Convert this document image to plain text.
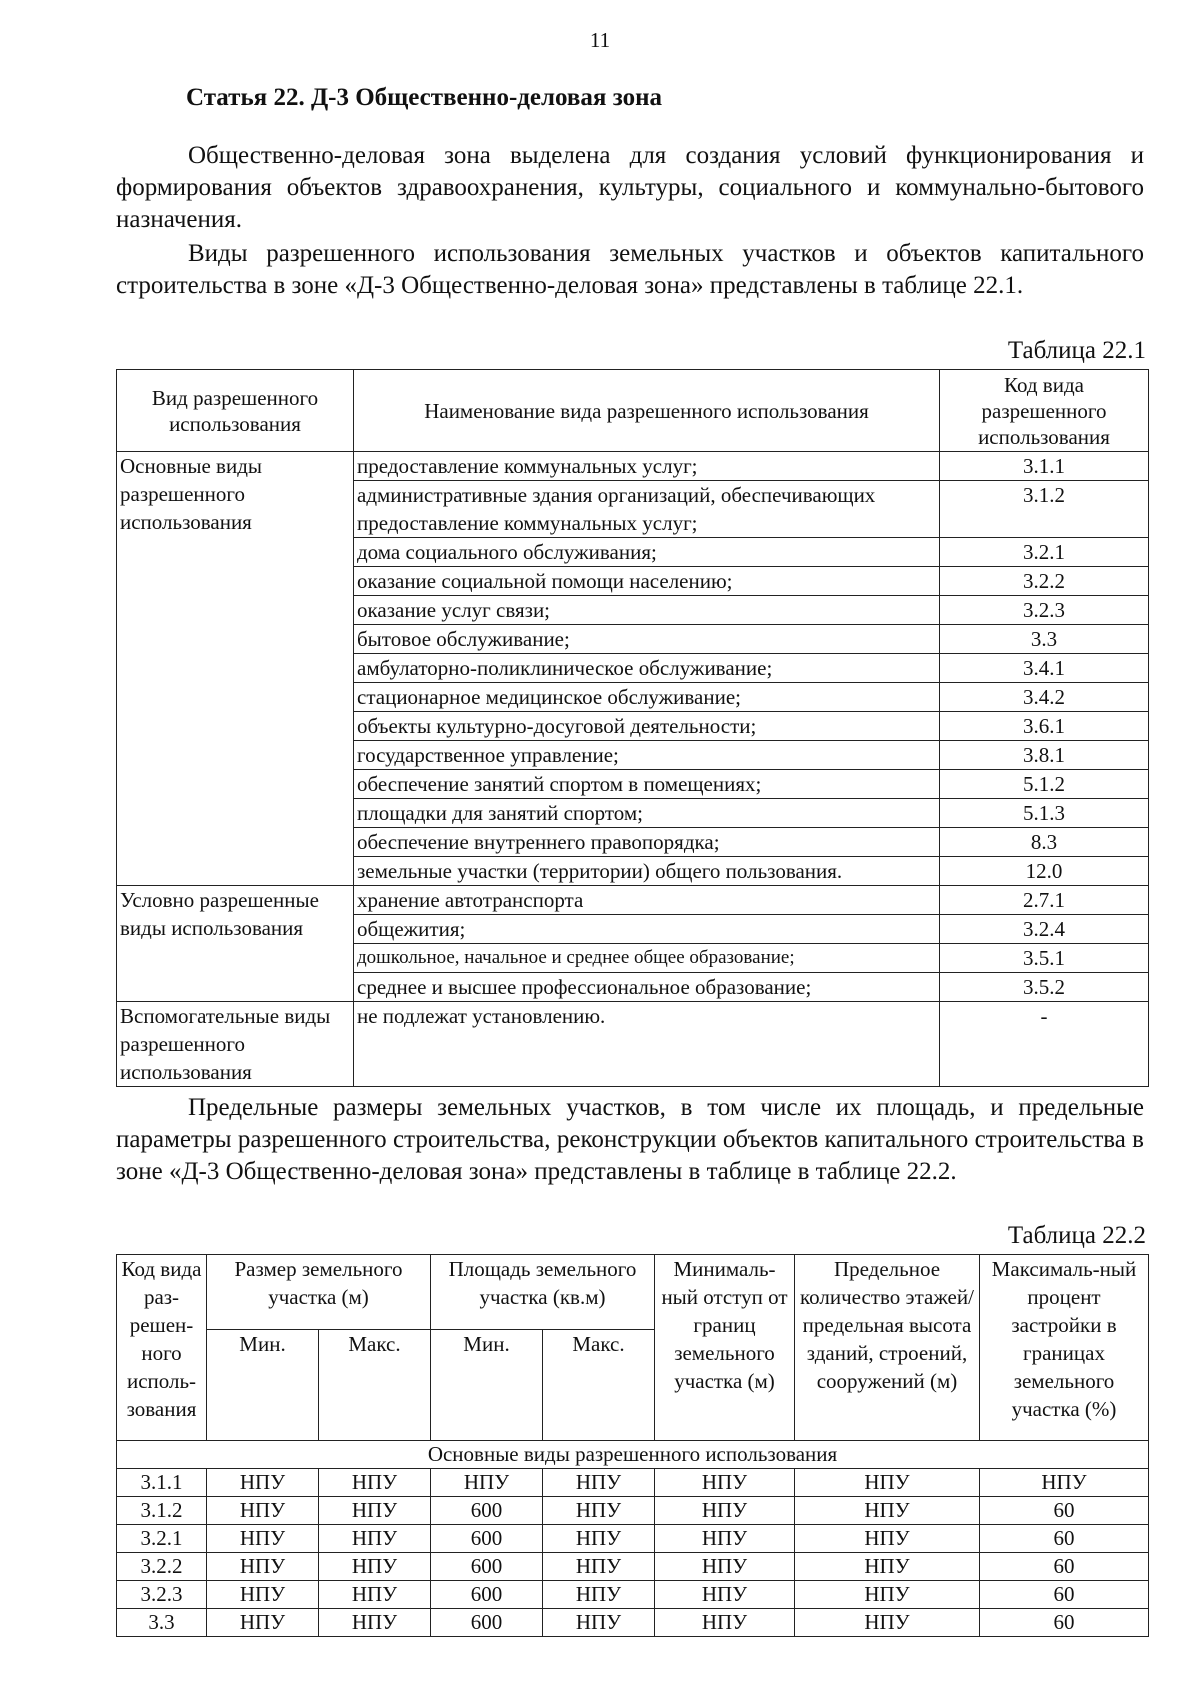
11
Статья 22. Д-3 Общественно-деловая зона

Общественно-деловая зона выделена для создания условий функционирования и формирования объектов здравоохранения, культуры, социального и коммунально-бытового назначения.

Виды разрешенного использования земельных участков и объектов капитального строительства в зоне «Д-3 Общественно-деловая зона» представлены в таблице 22.1.

Таблица 22.1
Вид разрешенного использования	Наименование вида разрешенного использования	Код вида разрешенного использования
Основные виды разрешенного использования	предоставление коммунальных услуг;	3.1.1
	административные здания организаций, обеспечивающих предоставление коммунальных услуг;	3.1.2
	дома социального обслуживания;	3.2.1
	оказание социальной помощи населению;	3.2.2
	оказание услуг связи;	3.2.3
	бытовое обслуживание;	3.3
	амбулаторно-поликлиническое обслуживание;	3.4.1
	стационарное медицинское обслуживание;	3.4.2
	объекты культурно-досуговой деятельности;	3.6.1
	государственное управление;	3.8.1
	обеспечение занятий спортом в помещениях;	5.1.2
	площадки для занятий спортом;	5.1.3
	обеспечение внутреннего правопорядка;	8.3
	земельные участки (территории) общего пользования.	12.0
Условно разрешенные виды использования	хранение автотранспорта	2.7.1
	общежития;	3.2.4
	дошкольное, начальное и среднее общее образование;	3.5.1
	среднее и высшее профессиональное образование;	3.5.2
Вспомогательные виды разрешенного использования	не подлежат установлению.	-

Предельные размеры земельных участков, в том числе их площадь, и предельные параметры разрешенного строительства, реконструкции объектов капитального строительства в зоне «Д-3 Общественно-деловая зона» представлены в таблице в таблице 22.2.

Таблица 22.2
Код вида раз-решен-ного исполь-зования	Размер земельного участка (м)		Площадь земельного участка (кв.м)		Минималь-ный отступ от границ земельного участка (м)	Предельное количество этажей/ предельная высота зданий, строений, сооружений (м)	Максималь-ный процент застройки в границах земельного участка (%)
	Мин.	Макс.	Мин.	Макс.			
Основные виды разрешенного использования							
3.1.1	НПУ	НПУ	НПУ	НПУ	НПУ	НПУ	НПУ
3.1.2	НПУ	НПУ	600	НПУ	НПУ	НПУ	60
3.2.1	НПУ	НПУ	600	НПУ	НПУ	НПУ	60
3.2.2	НПУ	НПУ	600	НПУ	НПУ	НПУ	60
3.2.3	НПУ	НПУ	600	НПУ	НПУ	НПУ	60
3.3	НПУ	НПУ	600	НПУ	НПУ	НПУ	60
